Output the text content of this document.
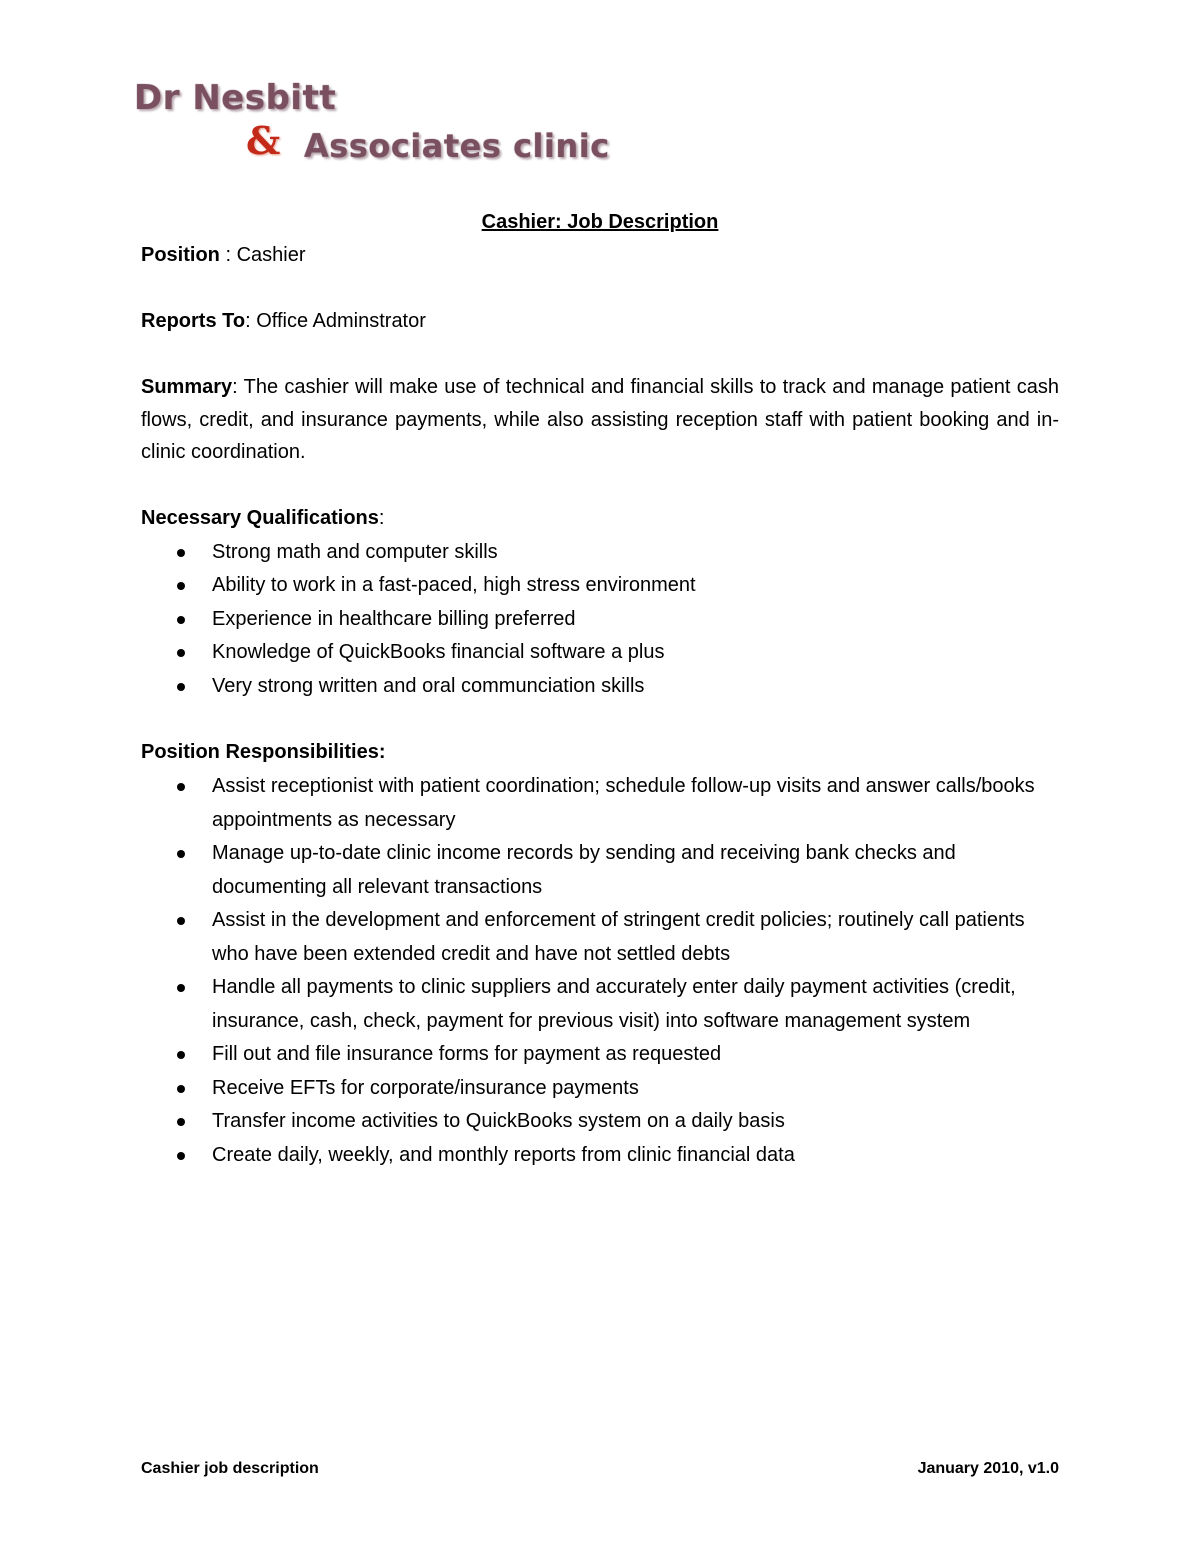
Dr Nesbitt
& Associates clinic
Cashier: Job Description
Position : Cashier
Reports To: Office Adminstrator
Summary: The cashier will make use of technical and financial skills to track and manage patient cash flows, credit, and insurance payments, while also assisting reception staff with patient booking and in-clinic coordination.
Necessary Qualifications:
Strong math and computer skills
Ability to work in a fast-paced, high stress environment
Experience in healthcare billing preferred
Knowledge of QuickBooks financial software a plus
Very strong written and oral communciation skills
Position Responsibilities:
Assist receptionist with patient coordination; schedule follow-up visits and answer calls/books appointments as necessary
Manage up-to-date clinic income records by sending and receiving bank checks and documenting all relevant transactions
Assist in the development and enforcement of stringent credit policies; routinely call patients who have been extended credit and have not settled debts
Handle all payments to clinic suppliers and accurately enter daily payment activities (credit, insurance, cash, check, payment for previous visit) into software management system
Fill out and file insurance forms for payment as requested
Receive EFTs for corporate/insurance payments
Transfer income activities to QuickBooks system on a daily basis
Create daily, weekly, and monthly reports from clinic financial data
Cashier job description	January 2010, v1.0
